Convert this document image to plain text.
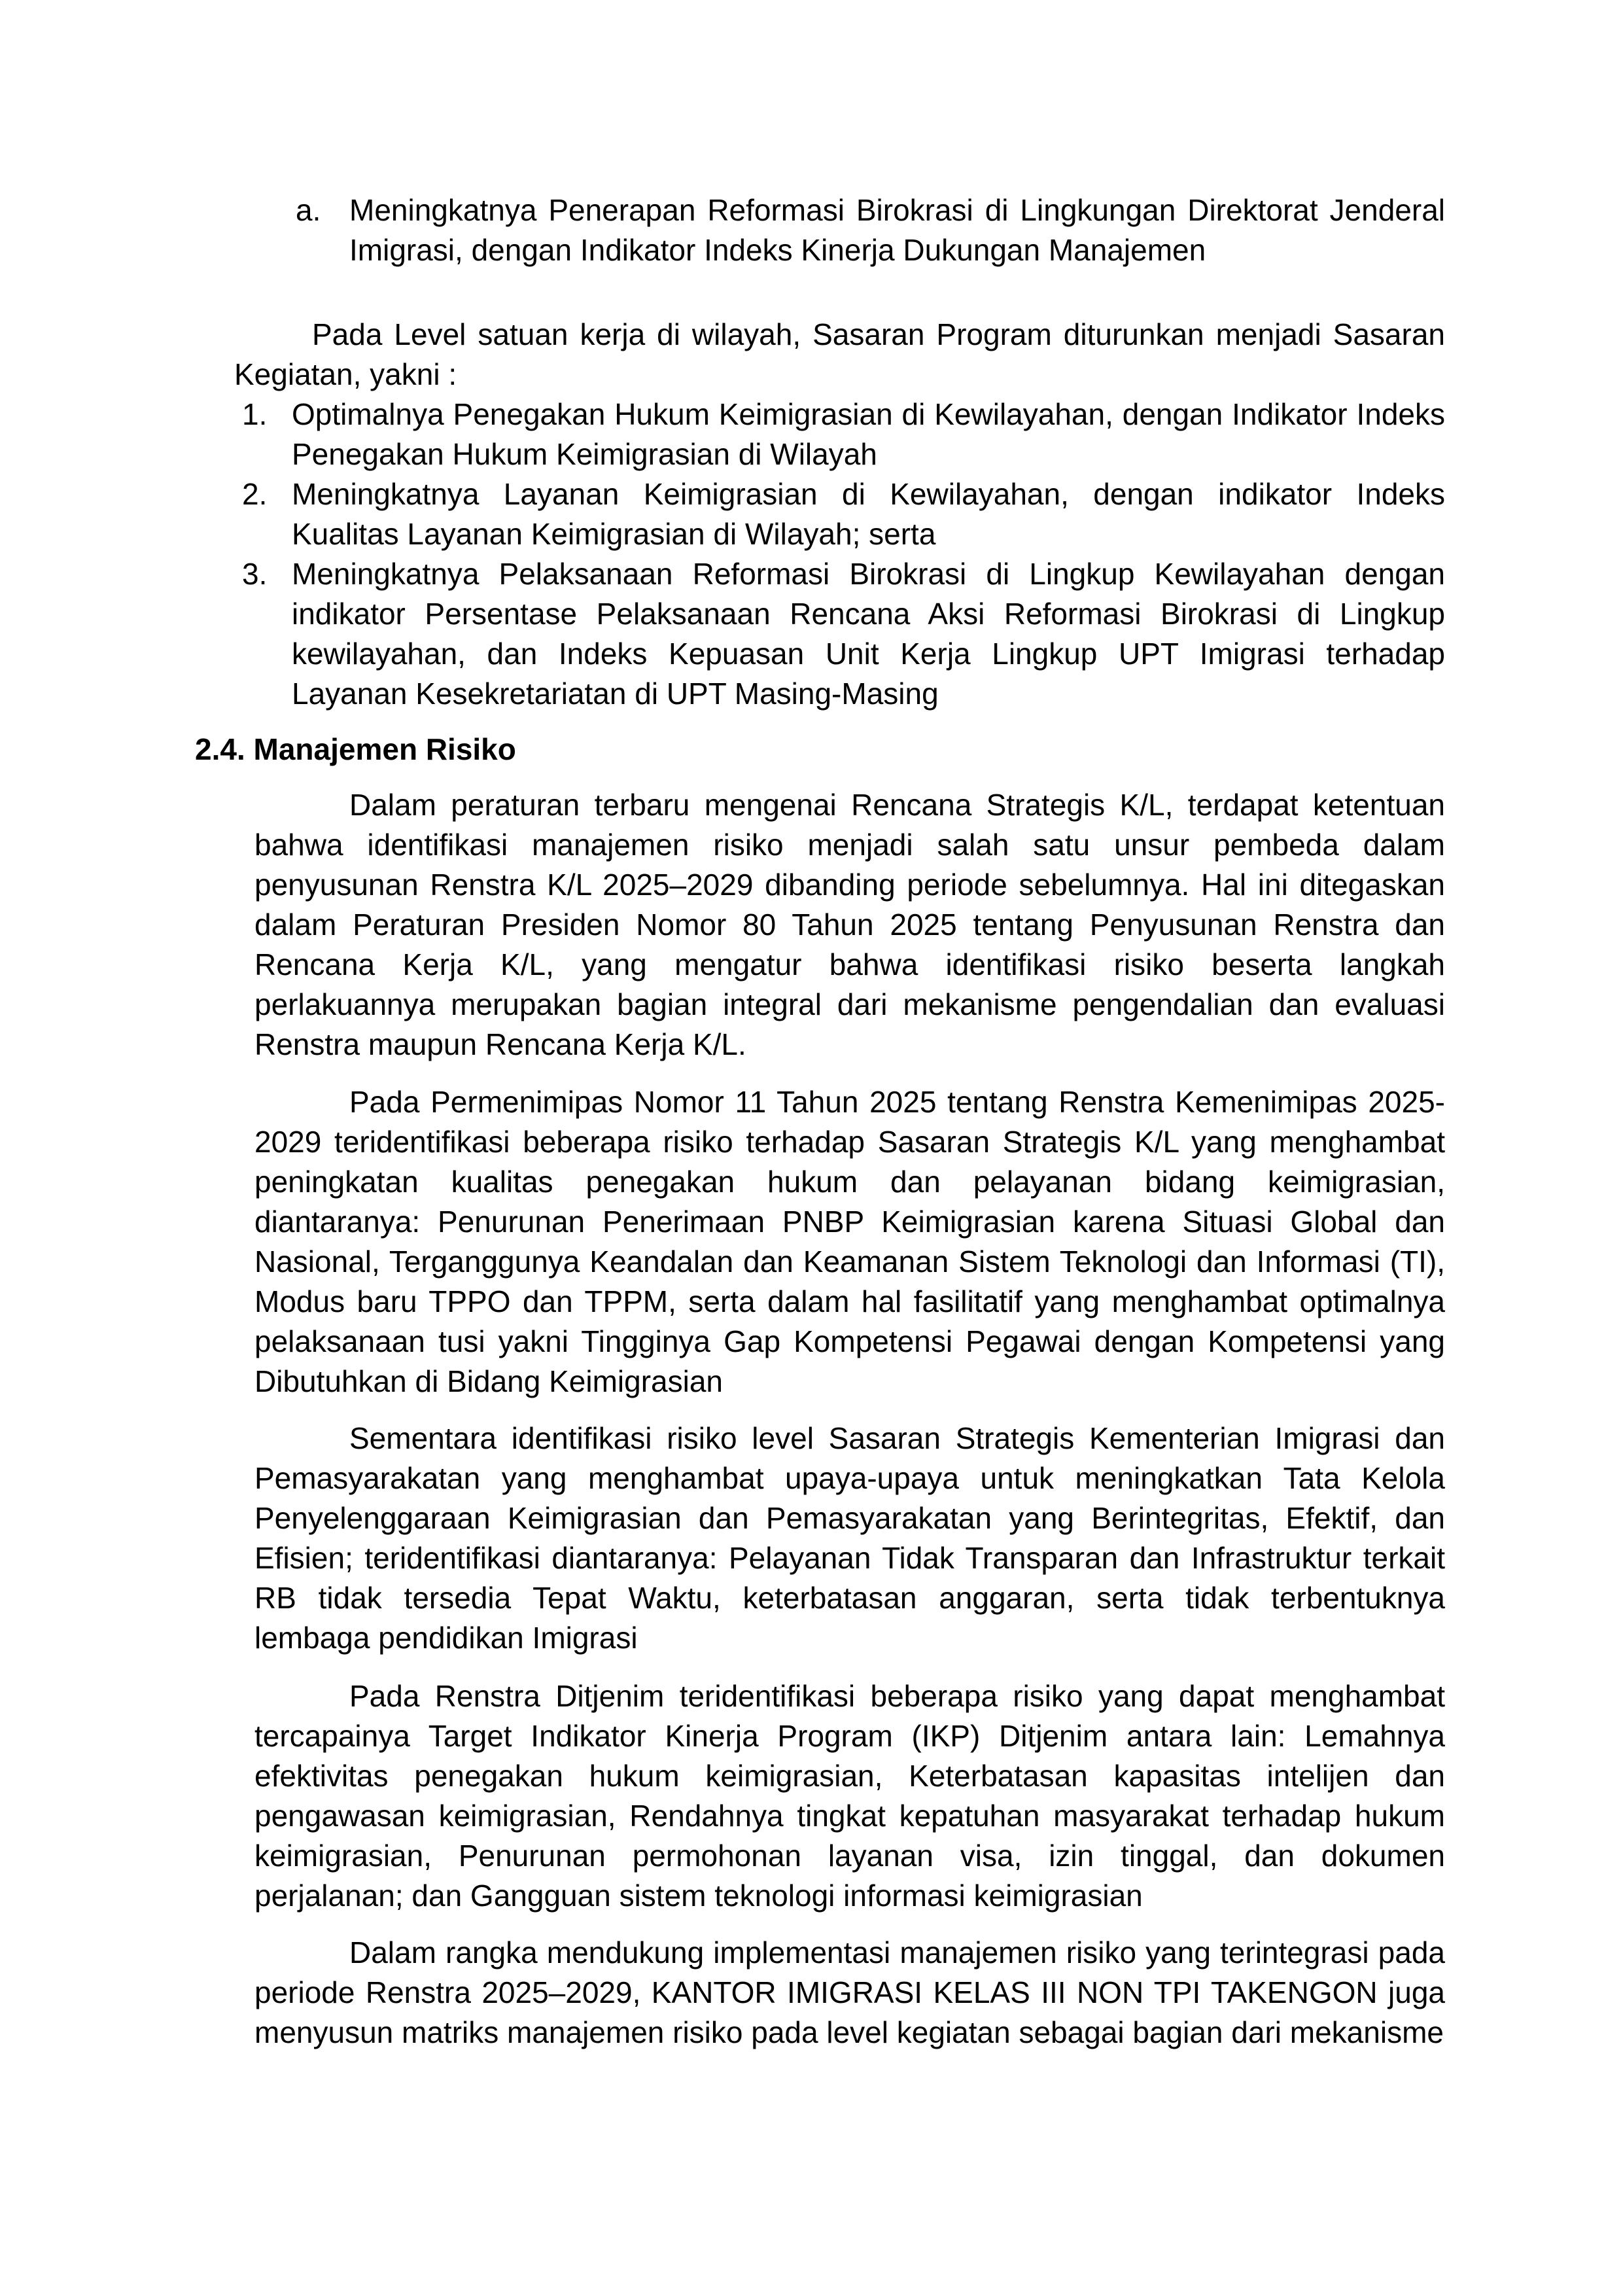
a. Meningkatnya Penerapan Reformasi Birokrasi di Lingkungan Direktorat Jenderal Imigrasi, dengan Indikator Indeks Kinerja Dukungan Manajemen
Pada Level satuan kerja di wilayah, Sasaran Program diturunkan menjadi Sasaran Kegiatan, yakni :
1. Optimalnya Penegakan Hukum Keimigrasian di Kewilayahan, dengan Indikator Indeks Penegakan Hukum Keimigrasian di Wilayah
2. Meningkatnya Layanan Keimigrasian di Kewilayahan, dengan indikator Indeks Kualitas Layanan Keimigrasian di Wilayah; serta
3. Meningkatnya Pelaksanaan Reformasi Birokrasi di Lingkup Kewilayahan dengan indikator Persentase Pelaksanaan Rencana Aksi Reformasi Birokrasi di Lingkup kewilayahan, dan Indeks Kepuasan Unit Kerja Lingkup UPT Imigrasi terhadap Layanan Kesekretariatan di UPT Masing-Masing
2.4. Manajemen Risiko
Dalam peraturan terbaru mengenai Rencana Strategis K/L, terdapat ketentuan bahwa identifikasi manajemen risiko menjadi salah satu unsur pembeda dalam penyusunan Renstra K/L 2025–2029 dibanding periode sebelumnya. Hal ini ditegaskan dalam Peraturan Presiden Nomor 80 Tahun 2025 tentang Penyusunan Renstra dan Rencana Kerja K/L, yang mengatur bahwa identifikasi risiko beserta langkah perlakuannya merupakan bagian integral dari mekanisme pengendalian dan evaluasi Renstra maupun Rencana Kerja K/L.
Pada Permenimipas Nomor 11 Tahun 2025 tentang Renstra Kemenimipas 2025-2029 teridentifikasi beberapa risiko terhadap Sasaran Strategis K/L yang menghambat peningkatan kualitas penegakan hukum dan pelayanan bidang keimigrasian, diantaranya: Penurunan Penerimaan PNBP Keimigrasian karena Situasi Global dan Nasional, Terganggunya Keandalan dan Keamanan Sistem Teknologi dan Informasi (TI), Modus baru TPPO dan TPPM, serta dalam hal fasilitatif yang menghambat optimalnya pelaksanaan tusi yakni Tingginya Gap Kompetensi Pegawai dengan Kompetensi yang Dibutuhkan di Bidang Keimigrasian
Sementara identifikasi risiko level Sasaran Strategis Kementerian Imigrasi dan Pemasyarakatan yang menghambat upaya-upaya untuk meningkatkan Tata Kelola Penyelenggaraan Keimigrasian dan Pemasyarakatan yang Berintegritas, Efektif, dan Efisien; teridentifikasi diantaranya: Pelayanan Tidak Transparan dan Infrastruktur terkait RB tidak tersedia Tepat Waktu, keterbatasan anggaran, serta tidak terbentuknya lembaga pendidikan Imigrasi
Pada Renstra Ditjenim teridentifikasi beberapa risiko yang dapat menghambat tercapainya Target Indikator Kinerja Program (IKP) Ditjenim antara lain: Lemahnya efektivitas penegakan hukum keimigrasian, Keterbatasan kapasitas intelijen dan pengawasan keimigrasian, Rendahnya tingkat kepatuhan masyarakat terhadap hukum keimigrasian, Penurunan permohonan layanan visa, izin tinggal, dan dokumen perjalanan; dan Gangguan sistem teknologi informasi keimigrasian
Dalam rangka mendukung implementasi manajemen risiko yang terintegrasi pada periode Renstra 2025–2029, KANTOR IMIGRASI KELAS III NON TPI TAKENGON juga menyusun matriks manajemen risiko pada level kegiatan sebagai bagian dari mekanisme
